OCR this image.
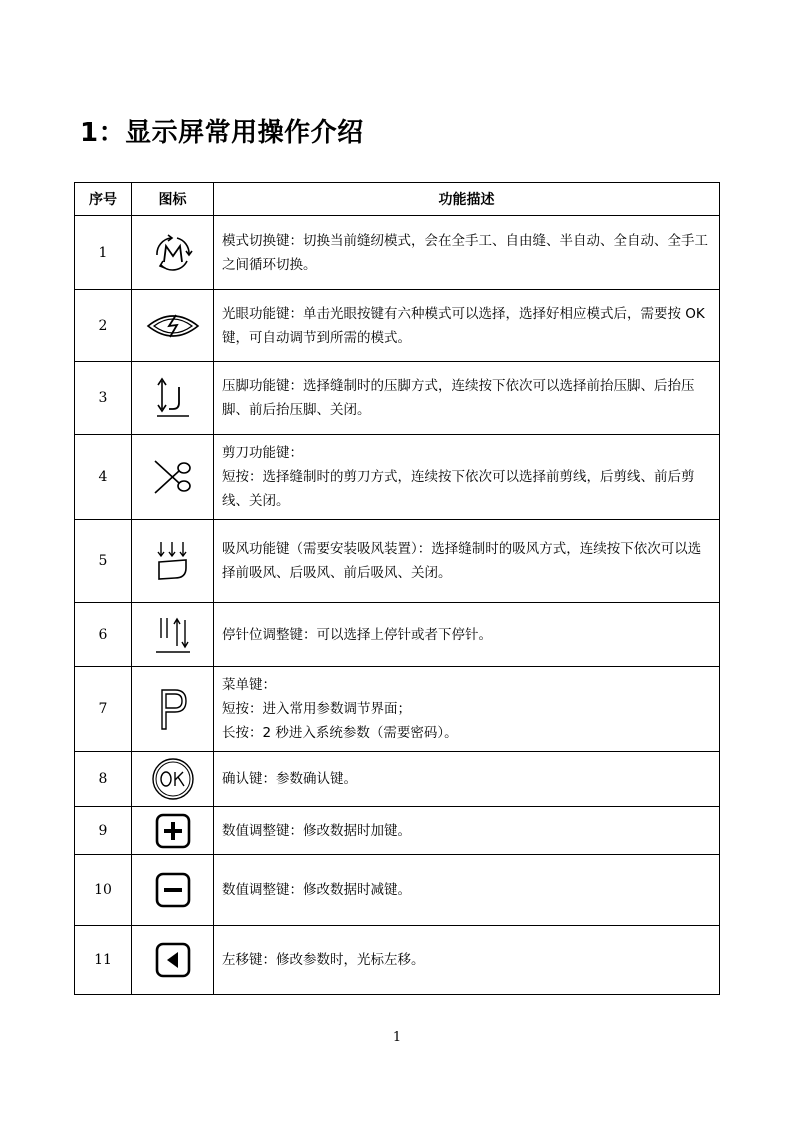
1：显示屏常用操作介绍
序号	图标	功能描述
1		模式切换键：切换当前缝纫模式，会在全手工、自由缝、半自动、全自动、全手工之间循环切换。

2		光眼功能键：单击光眼按键有六种模式可以选择，选择好相应模式后，需要按 OK 键，可自动调节到所需的模式。

3		压脚功能键：选择缝制时的压脚方式，连续按下依次可以选择前抬压脚、后抬压脚、前后抬压脚、关闭。

4		剪刀功能键：
短按：选择缝制时的剪刀方式，连续按下依次可以选择前剪线，后剪线、前后剪线、关闭。

5		吸风功能键（需要安装吸风装置）：选择缝制时的吸风方式，连续按下依次可以选择前吸风、后吸风、前后吸风、关闭。

6		停针位调整键：可以选择上停针或者下停针。

7		菜单键：
短按：进入常用参数调节界面；
长按：2 秒进入系统参数（需要密码）。

8		确认键：参数确认键。

9		数值调整键：修改数据时加键。

10		数值调整键：修改数据时减键。

11		左移键：修改参数时，光标左移。
1
